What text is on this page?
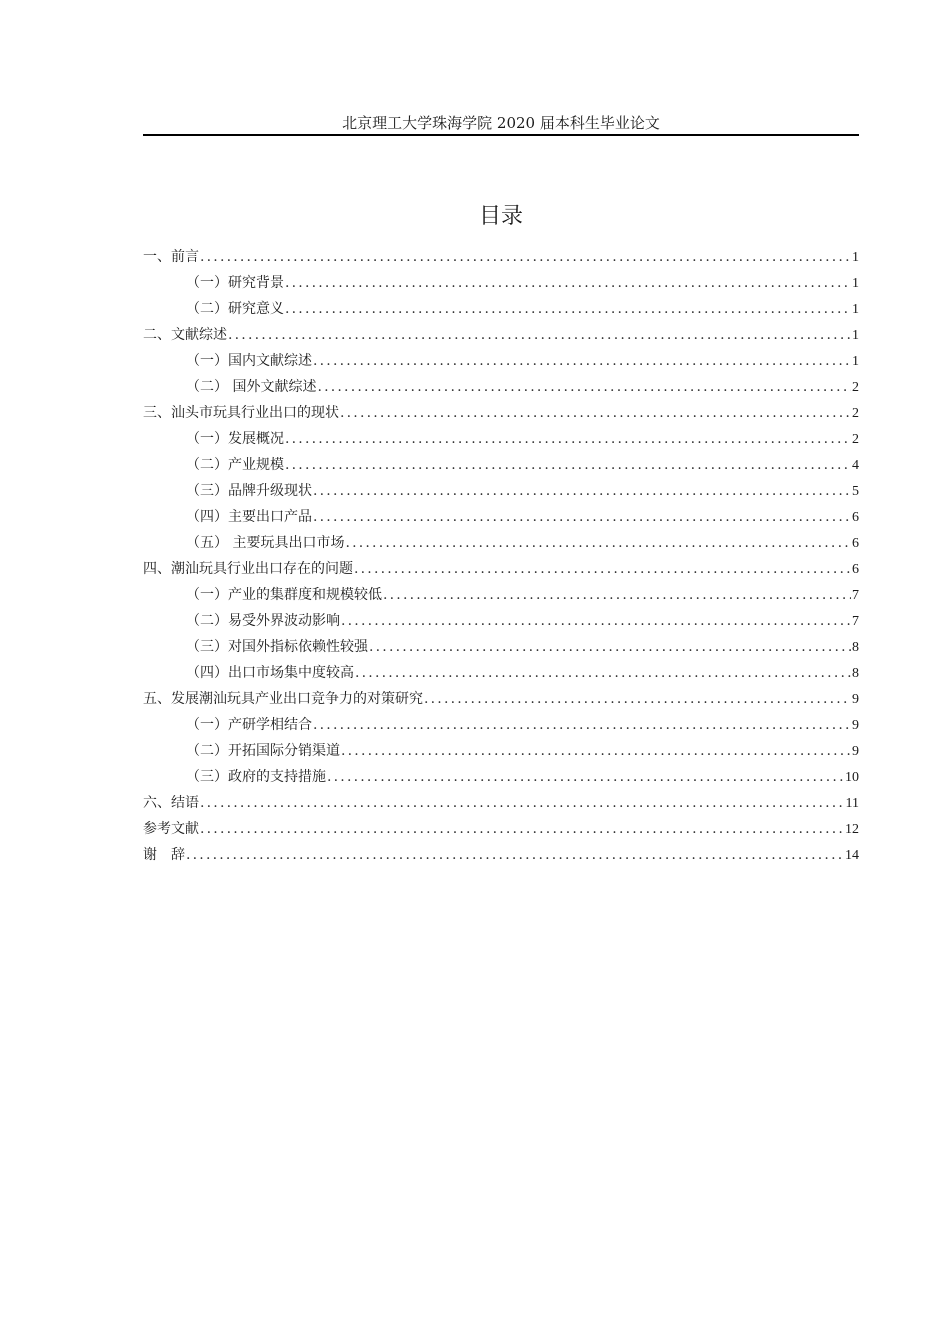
北京理工大学珠海学院 2020 届本科生毕业论文
目录
一、前言 .....	1
（一）研究背景 .....	1
（二）研究意义 .....	1
二、文献综述 .....	1
（一）国内文献综述 .....	1
（二） 国外文献综述 .....	2
三、汕头市玩具行业出口的现状 .....	2
（一）发展概况 .....	2
（二）产业规模 .....	4
（三）品牌升级现状 .....	5
（四）主要出口产品 .....	6
（五） 主要玩具出口市场 .....	6
四、潮汕玩具行业出口存在的问题 .....	6
（一）产业的集群度和规模较低 .....	7
（二）易受外界波动影响 .....	7
（三）对国外指标依赖性较强 .....	8
（四）出口市场集中度较高 .....	8
五、发展潮汕玩具产业出口竞争力的对策研究 .....	9
（一）产研学相结合 .....	9
（二）开拓国际分销渠道 .....	9
（三）政府的支持措施 .....	10
六、结语 .....	11
参考文献 .....	12
谢　辞 .....	14
